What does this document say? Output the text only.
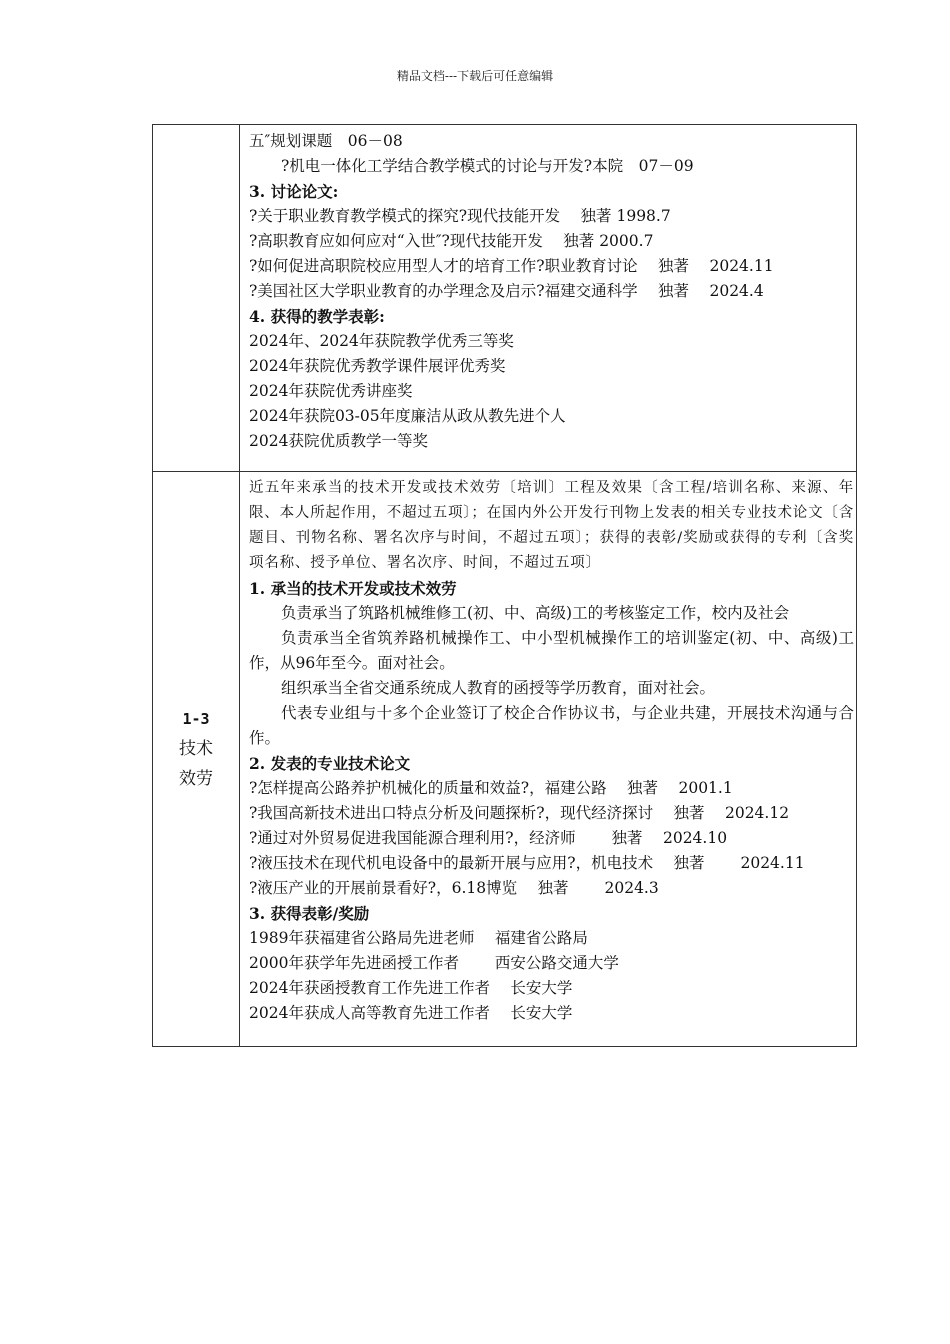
精品文档---下载后可任意编辑

五″规划课题　06－08

?机电一体化工学结合教学模式的讨论与开发?本院　07－09

3. 讨论论文:

?关于职业教育教学模式的探究?现代技能开发　 独著 1998.7

?高职教育应如何应对“入世″?现代技能开发　 独著 2000.7

?如何促进高职院校应用型人才的培育工作?职业教育讨论　 独著　 2024.11

?美国社区大学职业教育的办学理念及启示?福建交通科学　 独著　 2024.4

4. 获得的教学表彰:

2024年、2024年获院教学优秀三等奖

2024年获院优秀教学课件展评优秀奖

2024年获院优秀讲座奖

2024年获院03-05年度廉洁从政从教先进个人

2024获院优质教学一等奖

1-3
技术
效劳

近五年来承当的技术开发或技术效劳〔培训〕工程及效果〔含工程/培训名称、来源、年限、本人所起作用，不超过五项〕；在国内外公开发行刊物上发表的相关专业技术论文〔含题目、刊物名称、署名次序与时间，不超过五项〕；获得的表彰/奖励或获得的专利〔含奖项名称、授予单位、署名次序、时间，不超过五项〕

1. 承当的技术开发或技术效劳

负责承当了筑路机械维修工(初、中、高级)工的考核鉴定工作，校内及社会

负责承当全省筑养路机械操作工、中小型机械操作工的培训鉴定(初、中、高级)工作，从96年至今。面对社会。

组织承当全省交通系统成人教育的函授等学历教育，面对社会。

代表专业组与十多个企业签订了校企合作协议书，与企业共建，开展技术沟通与合作。

2. 发表的专业技术论文

?怎样提高公路养护机械化的质量和效益?，福建公路　 独著　 2001.1

?我国高新技术进出口特点分析及问题探析?，现代经济探讨　 独著　 2024.12

?通过对外贸易促进我国能源合理利用?，经济师　　 独著　 2024.10

?液压技术在现代机电设备中的最新开展与应用?，机电技术　 独著　　 2024.11

?液压产业的开展前景看好?，6.18博览　 独著　　 2024.3

3. 获得表彰/奖励

1989年获福建省公路局先进老师　 福建省公路局

2000年获学年先进函授工作者　　 西安公路交通大学

2024年获函授教育工作先进工作者　 长安大学

2024年获成人高等教育先进工作者　 长安大学
